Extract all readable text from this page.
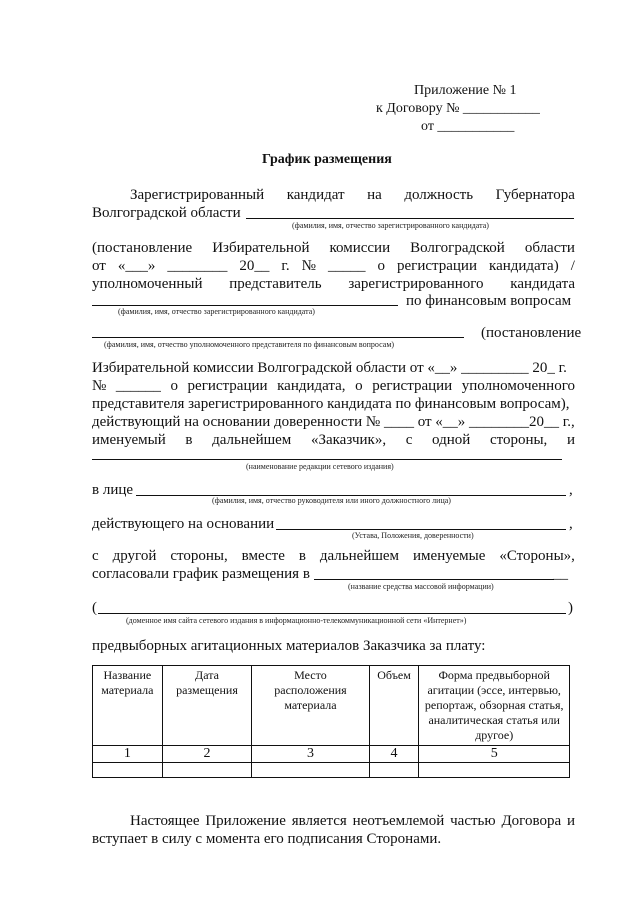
Приложение № 1
к Договору № ___________
от ___________
График размещения
Зарегистрированный кандидат на должность Губернатора
Волгоградской области
(фамилия, имя, отчество зарегистрированного кандидата)
(постановление Избирательной комиссии Волгоградской области
от «___» ________ 20__ г. № _____ о регистрации кандидата) /
уполномоченный представитель зарегистрированного кандидата
по финансовым вопросам
(фамилия, имя, отчество зарегистрированного кандидата)
(постановление
(фамилия, имя, отчество уполномоченного представителя по финансовым вопросам)
Избирательной комиссии Волгоградской области от «__» _________ 20_ г.
№ ______ о регистрации кандидата, о регистрации уполномоченного
представителя зарегистрированного кандидата по финансовым вопросам),
действующий на основании доверенности № ____ от «__» ________20__ г.,
именуемый в дальнейшем «Заказчик», с одной стороны, и
(наименование редакции сетевого издания)
в лице	,
(фамилия, имя, отчество руководителя или иного должностного лица)
действующего на основании	,
(Устава, Положения, доверенности)
с другой стороны, вместе в дальнейшем именуемые «Стороны»,
согласовали график размещения в	__
(название средства массовой информации)
(	)
(доменное имя сайта сетевого издания в информационно-телекоммуникационной сети «Интернет»)
предвыборных агитационных материалов Заказчика за плату:
Название материала	Дата размещения	Место расположения материала	Объем	Форма предвыборной агитации (эссе, интервью, репортаж, обзорная статья, аналитическая статья или другое)
1	2	3	4	5

Настоящее Приложение является неотъемлемой частью Договора и
вступает в силу с момента его подписания Сторонами.
